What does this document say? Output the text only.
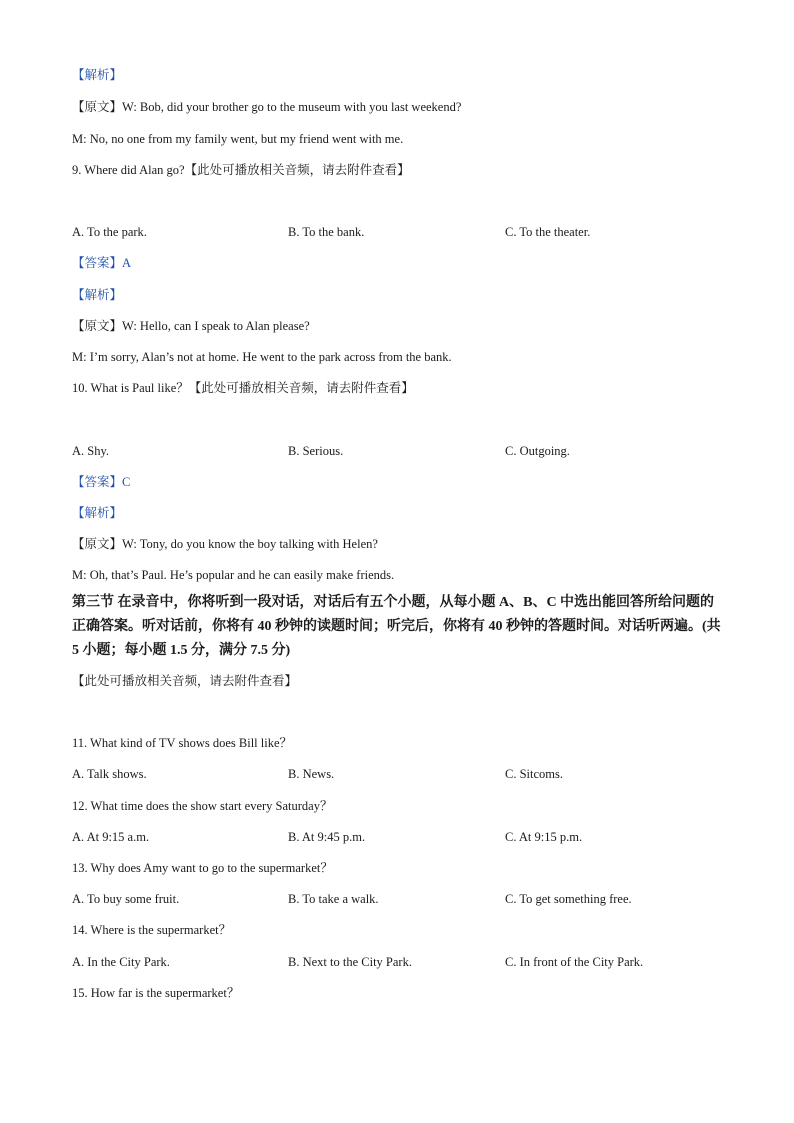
【解析】
【原文】W: Bob, did your brother go to the museum with you last weekend?
M: No, no one from my family went, but my friend went with me.
9. Where did Alan go?【此处可播放相关音频，请去附件查看】
A. To the park.	B. To the bank.	C. To the theater.
【答案】A
【解析】
【原文】W: Hello, can I speak to Alan please?
M: I’m sorry, Alan’s not at home. He went to the park across from the bank.
10. What is Paul like？【此处可播放相关音频，请去附件查看】
A. Shy.	B. Serious.	C. Outgoing.
【答案】C
【解析】
【原文】W: Tony, do you know the boy talking with Helen?
M: Oh, that’s Paul. He’s popular and he can easily make friends.
第三节 在录音中，你将听到一段对话，对话后有五个小题，从每小题 A、B、C 中选出能回答所给问题的正确答案。听对话前，你将有 40 秒钟的读题时间；听完后，你将有 40 秒钟的答题时间。对话听两遍。(共 5 小题；每小题 1.5 分，满分 7.5 分)
【此处可播放相关音频，请去附件查看】
11. What kind of TV shows does Bill like？
A. Talk shows.	B. News.	C. Sitcoms.
12. What time does the show start every Saturday？
A. At 9:15 a.m.	B. At 9:45 p.m.	C. At 9:15 p.m.
13. Why does Amy want to go to the supermarket？
A. To buy some fruit.	B. To take a walk.	C. To get something free.
14. Where is the supermarket？
A. In the City Park.	B. Next to the City Park.	C. In front of the City Park.
15. How far is the supermarket？
